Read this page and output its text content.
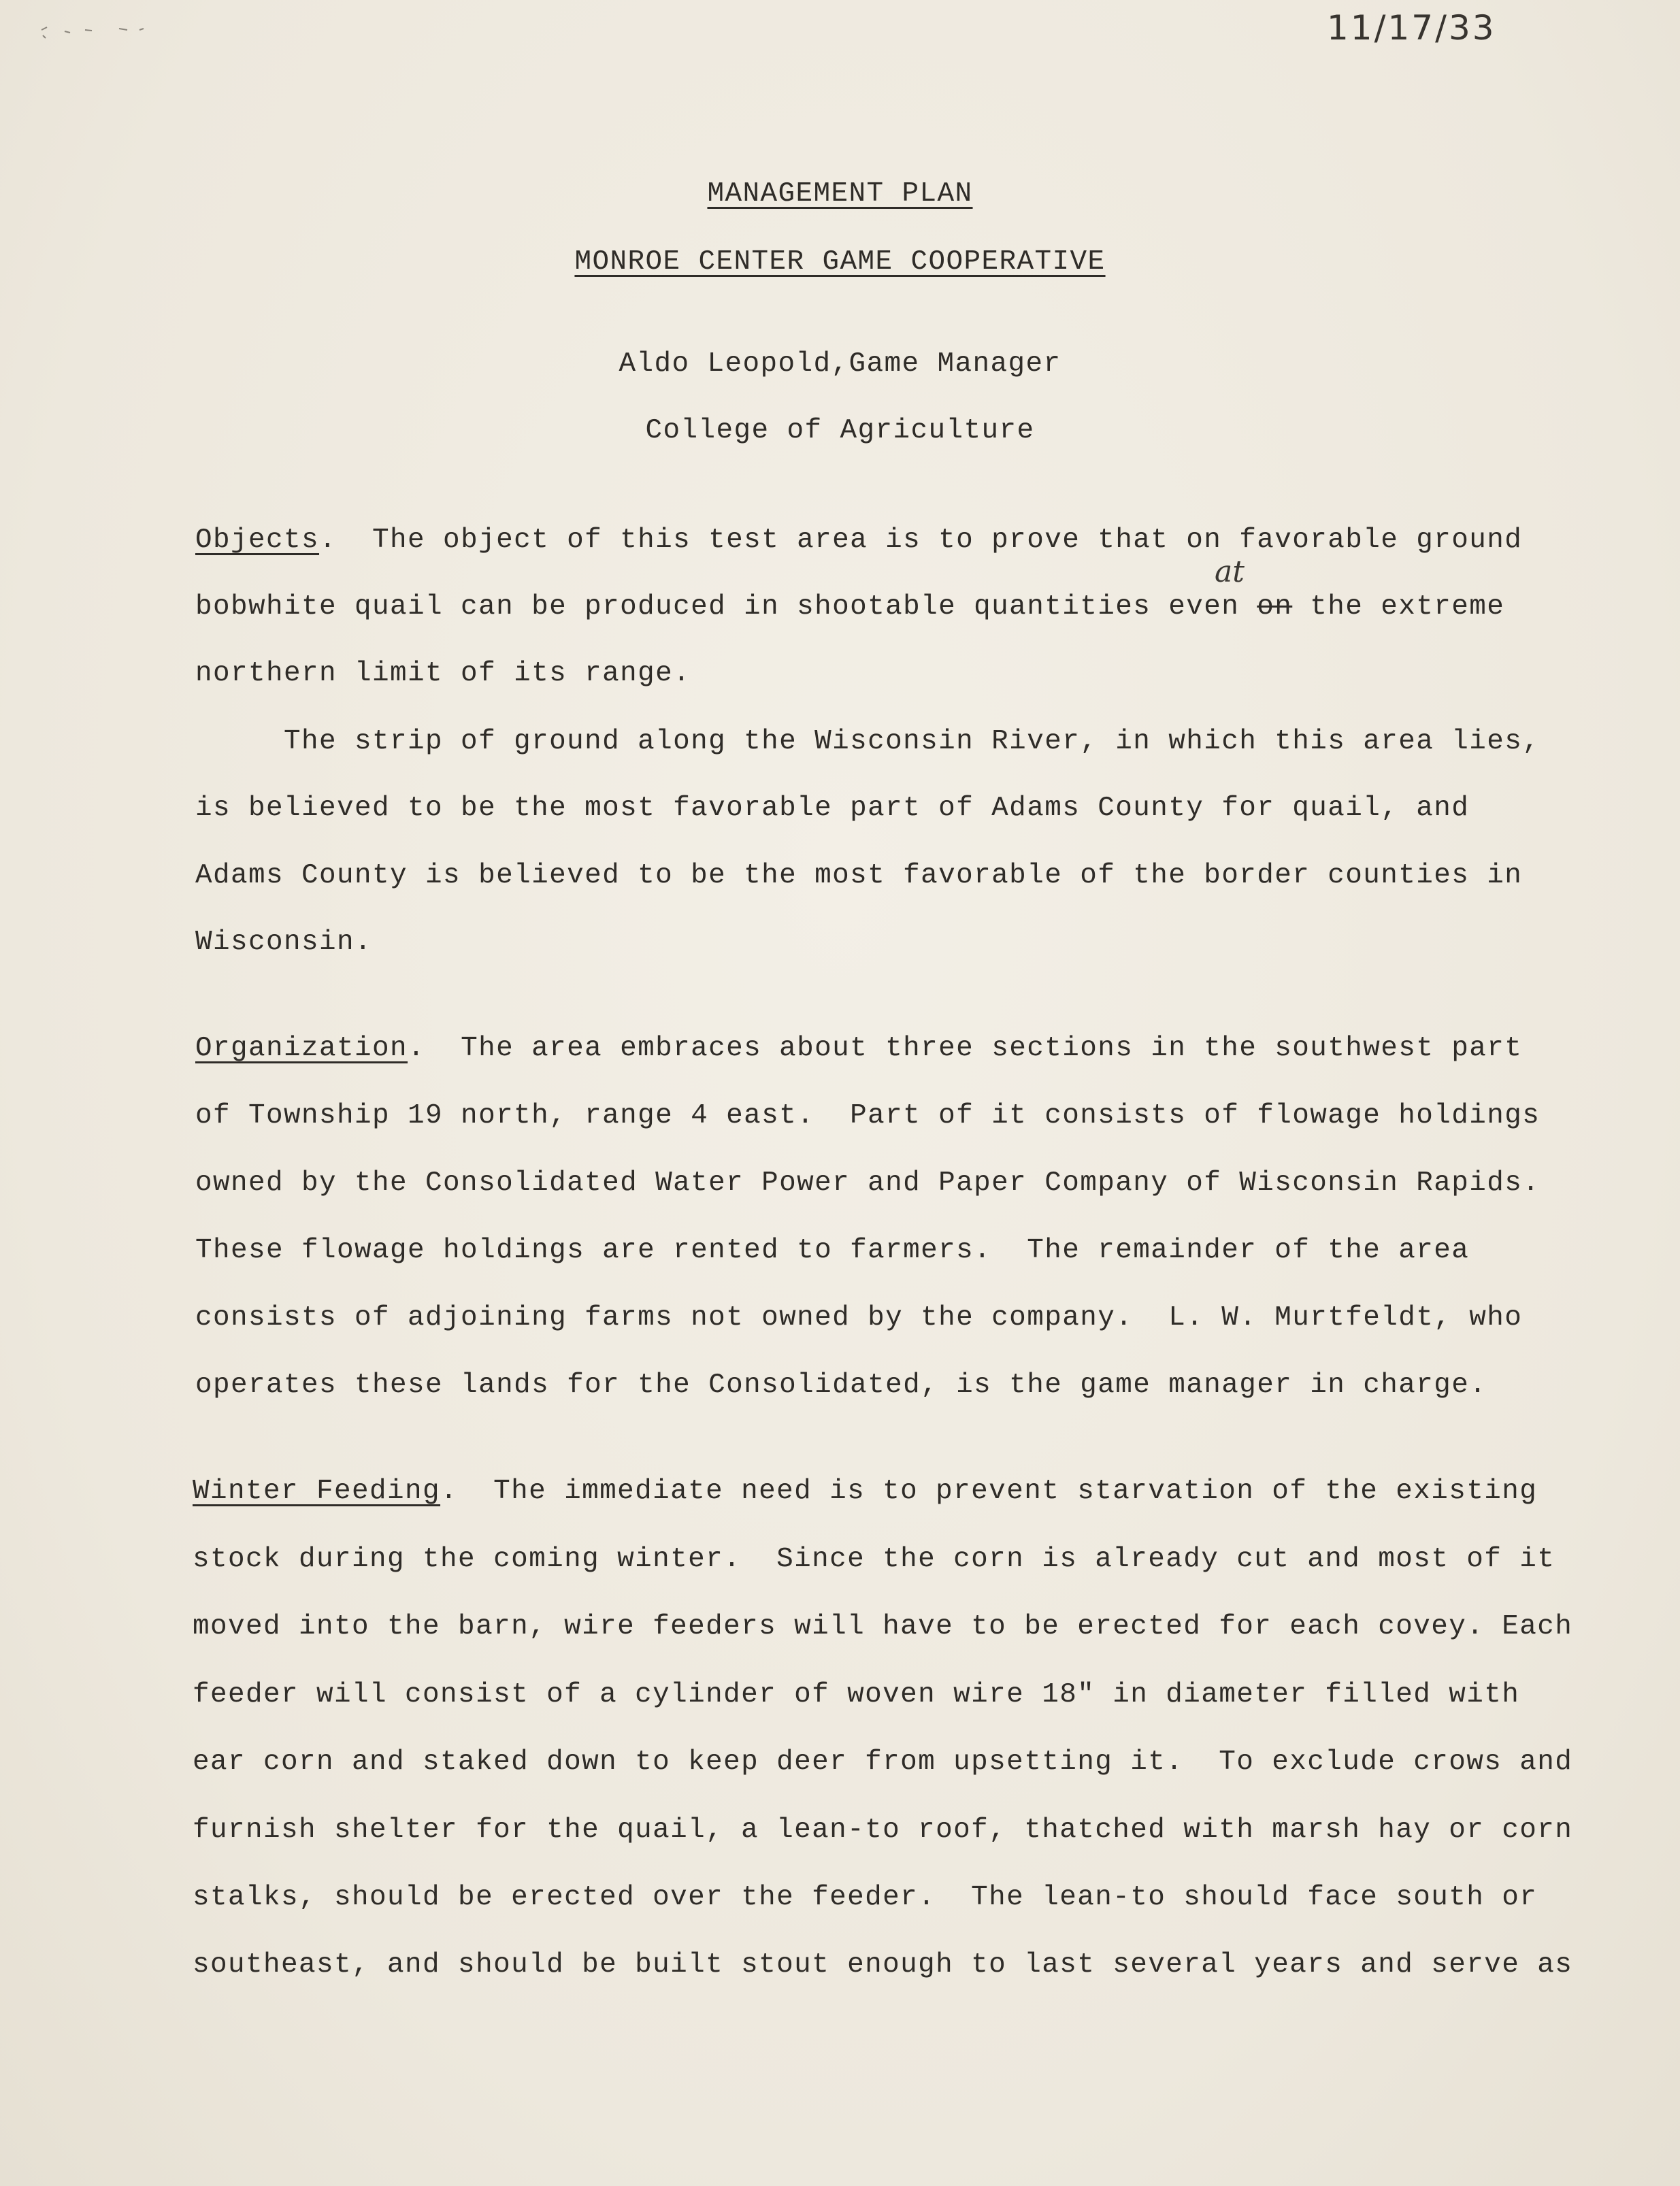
11/17/33
MANAGEMENT PLAN
MONROE CENTER GAME COOPERATIVE
Aldo Leopold,Game Manager
College of Agriculture
Objects.  The object of this test area is to prove that on favorable ground
bobwhite quail can be produced in shootable quantities even on the extreme
at
northern limit of its range.
The strip of ground along the Wisconsin River, in which this area lies,
is believed to be the most favorable part of Adams County for quail, and
Adams County is believed to be the most favorable of the border counties in
Wisconsin.
Organization.  The area embraces about three sections in the southwest part
of Township 19 north, range 4 east.  Part of it consists of flowage holdings
owned by the Consolidated Water Power and Paper Company of Wisconsin Rapids.
These flowage holdings are rented to farmers.  The remainder of the area
consists of adjoining farms not owned by the company.  L. W. Murtfeldt, who
operates these lands for the Consolidated, is the game manager in charge.
Winter Feeding.  The immediate need is to prevent starvation of the existing
stock during the coming winter.  Since the corn is already cut and most of it
moved into the barn, wire feeders will have to be erected for each covey. Each
feeder will consist of a cylinder of woven wire 18" in diameter filled with
ear corn and staked down to keep deer from upsetting it.  To exclude crows and
furnish shelter for the quail, a lean-to roof, thatched with marsh hay or corn
stalks, should be erected over the feeder.  The lean-to should face south or
southeast, and should be built stout enough to last several years and serve as
